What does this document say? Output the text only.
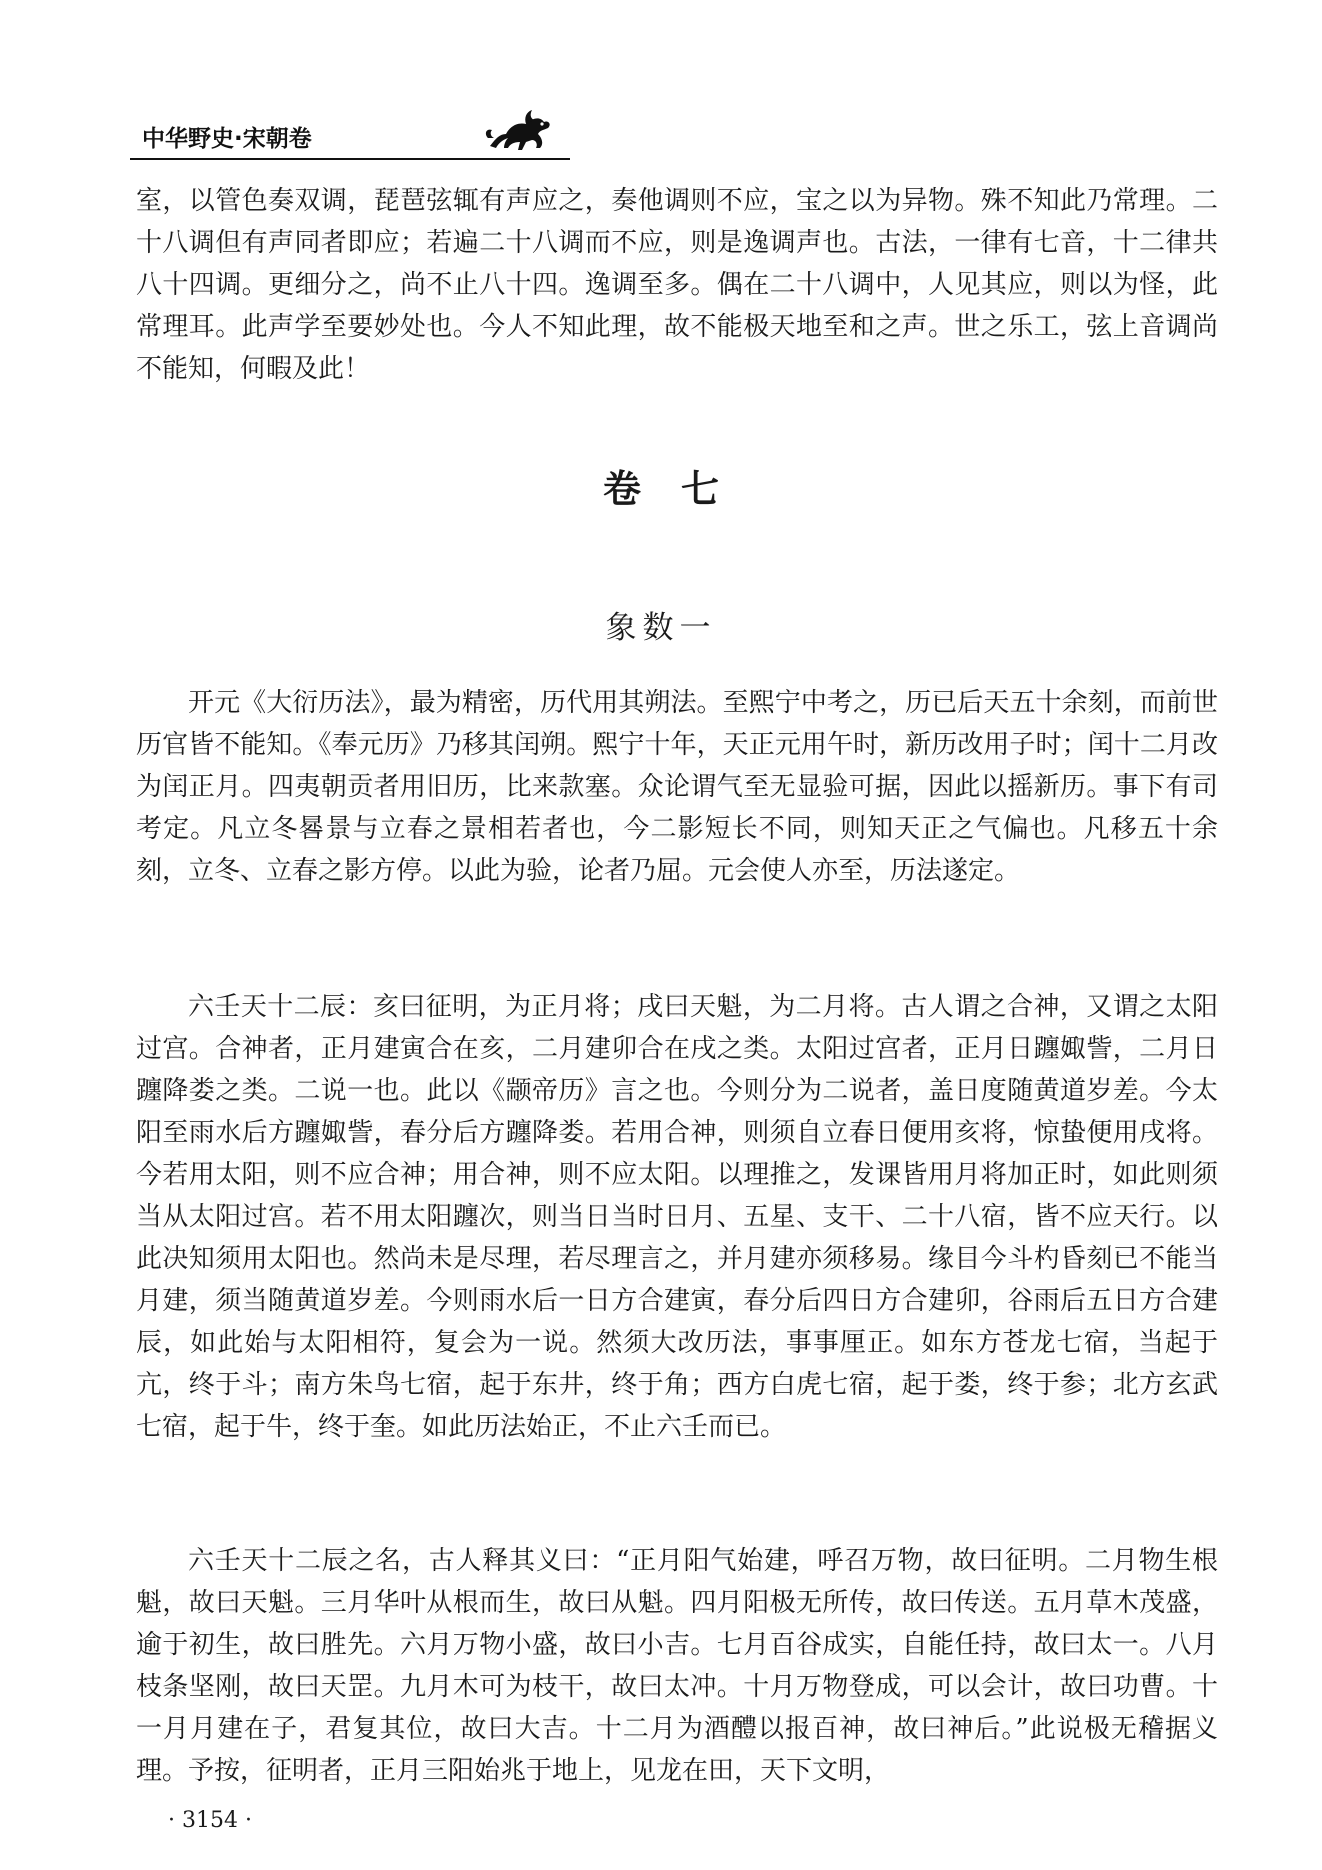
中华野史·宋朝卷

室，以管色奏双调，琵琶弦辄有声应之，奏他调则不应，宝之以为异物。殊不知此乃常理。二十八调但有声同者即应；若遍二十八调而不应，则是逸调声也。古法，一律有七音，十二律共八十四调。更细分之，尚不止八十四。逸调至多。偶在二十八调中，人见其应，则以为怪，此常理耳。此声学至要妙处也。今人不知此理，故不能极天地至和之声。世之乐工，弦上音调尚不能知，何暇及此！

卷七
象数一

开元《大衍历法》，最为精密，历代用其朔法。至熙宁中考之，历已后天五十余刻，而前世历官皆不能知。《奉元历》乃移其闰朔。熙宁十年，天正元用午时，新历改用子时；闰十二月改为闰正月。四夷朝贡者用旧历，比来款塞。众论谓气至无显验可据，因此以摇新历。事下有司考定。凡立冬晷景与立春之景相若者也，今二影短长不同，则知天正之气偏也。凡移五十余刻，立冬、立春之影方停。以此为验，论者乃屈。元会使人亦至，历法遂定。

六壬天十二辰：亥曰征明，为正月将；戌曰天魁，为二月将。古人谓之合神，又谓之太阳过宫。合神者，正月建寅合在亥，二月建卯合在戌之类。太阳过宫者，正月日躔娵訾，二月日躔降娄之类。二说一也。此以《颛帝历》言之也。今则分为二说者，盖日度随黄道岁差。今太阳至雨水后方躔娵訾，春分后方躔降娄。若用合神，则须自立春日便用亥将，惊蛰便用戌将。今若用太阳，则不应合神；用合神，则不应太阳。以理推之，发课皆用月将加正时，如此则须当从太阳过宫。若不用太阳躔次，则当日当时日月、五星、支干、二十八宿，皆不应天行。以此决知须用太阳也。然尚未是尽理，若尽理言之，并月建亦须移易。缘目今斗杓昏刻已不能当月建，须当随黄道岁差。今则雨水后一日方合建寅，春分后四日方合建卯，谷雨后五日方合建辰，如此始与太阳相符，复会为一说。然须大改历法，事事厘正。如东方苍龙七宿，当起于亢，终于斗；南方朱鸟七宿，起于东井，终于角；西方白虎七宿，起于娄，终于参；北方玄武七宿，起于牛，终于奎。如此历法始正，不止六壬而已。

六壬天十二辰之名，古人释其义曰：“正月阳气始建，呼召万物，故曰征明。二月物生根魁，故曰天魁。三月华叶从根而生，故曰从魁。四月阳极无所传，故曰传送。五月草木茂盛，逾于初生，故曰胜先。六月万物小盛，故曰小吉。七月百谷成实，自能任持，故曰太一。八月枝条坚刚，故曰天罡。九月木可为枝干，故曰太冲。十月万物登成，可以会计，故曰功曹。十一月月建在子，君复其位，故曰大吉。十二月为酒醴以报百神，故曰神后。”此说极无稽据义理。予按，征明者，正月三阳始兆于地上，见龙在田，天下文明，

· 3154 ·
